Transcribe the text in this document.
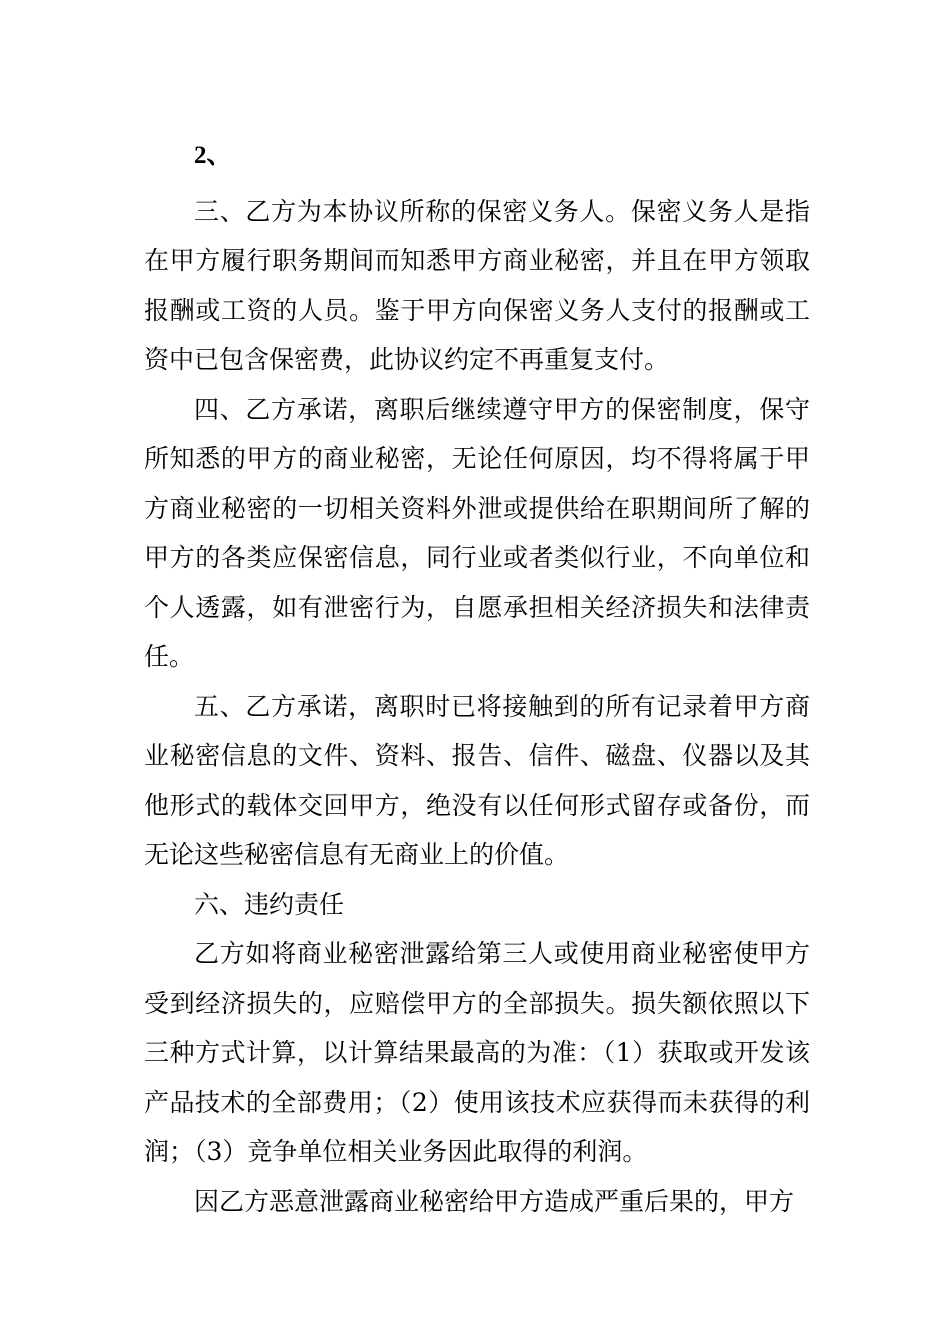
2、

三、乙方为本协议所称的保密义务人。保密义务人是指在甲方履行职务期间而知悉甲方商业秘密，并且在甲方领取报酬或工资的人员。鉴于甲方向保密义务人支付的报酬或工资中已包含保密费，此协议约定不再重复支付。

四、乙方承诺，离职后继续遵守甲方的保密制度，保守所知悉的甲方的商业秘密，无论任何原因，均不得将属于甲方商业秘密的一切相关资料外泄或提供给在职期间所了解的甲方的各类应保密信息，同行业或者类似行业，不向单位和个人透露，如有泄密行为，自愿承担相关经济损失和法律责任。

五、乙方承诺，离职时已将接触到的所有记录着甲方商业秘密信息的文件、资料、报告、信件、磁盘、仪器以及其他形式的载体交回甲方，绝没有以任何形式留存或备份，而无论这些秘密信息有无商业上的价值。

六、违约责任

乙方如将商业秘密泄露给第三人或使用商业秘密使甲方受到经济损失的，应赔偿甲方的全部损失。损失额依照以下三种方式计算，以计算结果最高的为准：（1）获取或开发该产品技术的全部费用；（2）使用该技术应获得而未获得的利润；（3）竞争单位相关业务因此取得的利润。

因乙方恶意泄露商业秘密给甲方造成严重后果的，甲方
